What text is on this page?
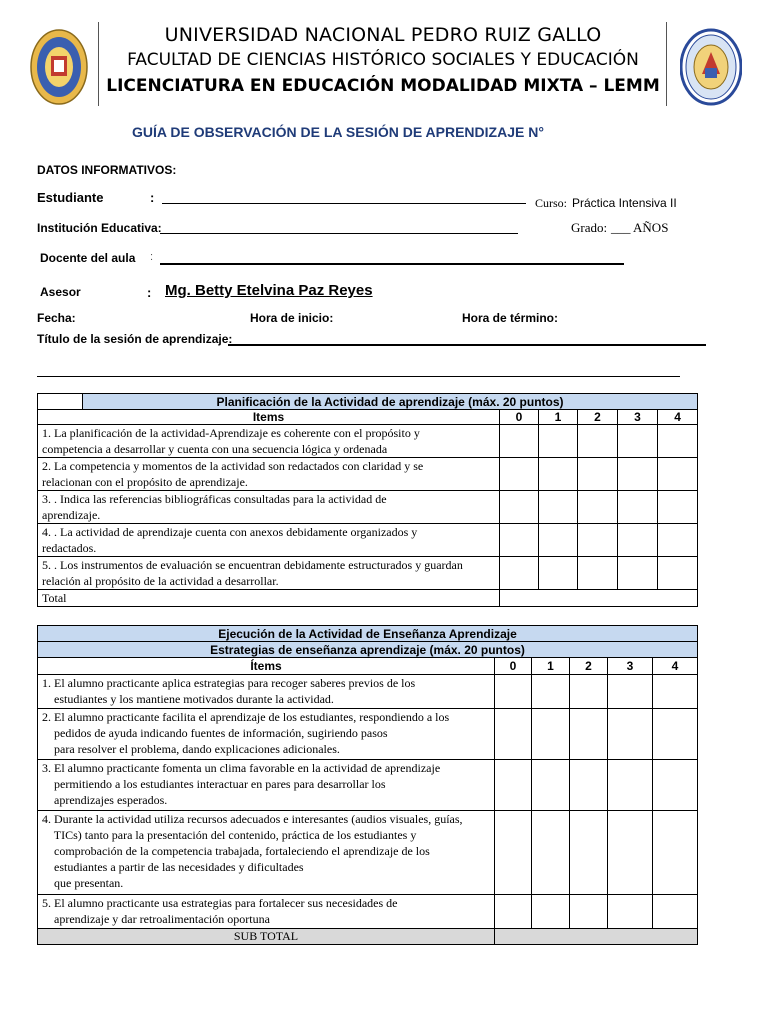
UNIVERSIDAD NACIONAL PEDRO RUIZ GALLO
FACULTAD DE CIENCIAS HISTÓRICO SOCIALES Y EDUCACIÓN
LICENCIATURA EN EDUCACIÓN MODALIDAD MIXTA – LEMM
GUÍA DE OBSERVACIÓN DE LA SESIÓN DE APRENDIZAJE N°
DATOS INFORMATIVOS:
Estudiante	:	Curso: Práctica Intensiva II
Institución Educativa:	Grado: ___ AÑOS
Docente del aula :
Asesor	: Mg. Betty Etelvina Paz Reyes
Fecha:	Hora de inicio:	Hora de término:
Título de la sesión de aprendizaje:
	Planificación de la Actividad de aprendizaje (máx. 20 puntos)					
Items		0	1	2	3	4

1. La planificación de la actividad-Aprendizaje es coherente con el propósito y
competencia a desarrollar y cuenta con una secuencia lógica y ordenada						

2. La competencia y momentos de la actividad son redactados con claridad y se
relacionan con el propósito de aprendizaje.						

3. . Indica las referencias bibliográficas consultadas para la actividad de
aprendizaje.						

4. . La actividad de aprendizaje cuenta con anexos debidamente organizados y
redactados.						

5. . Los instrumentos de evaluación se encuentran debidamente estructurados y guardan
relación al propósito de la actividad a desarrollar.						

Total						
Ejecución de la Actividad de Enseñanza Aprendizaje					
Estrategias de enseñanza aprendizaje (máx. 20 puntos)					
Ítems	0	1	2	3	4

1. El alumno practicante aplica estrategias para recoger saberes previos de los
estudiantes y los mantiene motivados durante la actividad.					

2. El alumno practicante facilita el aprendizaje de los estudiantes, respondiendo a los
pedidos de ayuda indicando fuentes de información, sugiriendo pasos
para resolver el problema, dando explicaciones adicionales.					

3. El alumno practicante fomenta un clima favorable en la actividad de aprendizaje
permitiendo a los estudiantes interactuar en pares para desarrollar los
aprendizajes esperados.					

4. Durante la actividad utiliza recursos adecuados e interesantes (audios visuales, guías,
TICs) tanto para la presentación del contenido, práctica de los estudiantes y
comprobación de la competencia trabajada, fortaleciendo el aprendizaje de los
estudiantes a partir de las necesidades y dificultades
que presentan.					

5. El alumno practicante usa estrategias para fortalecer sus necesidades de
aprendizaje y dar retroalimentación oportuna					

SUB TOTAL					
